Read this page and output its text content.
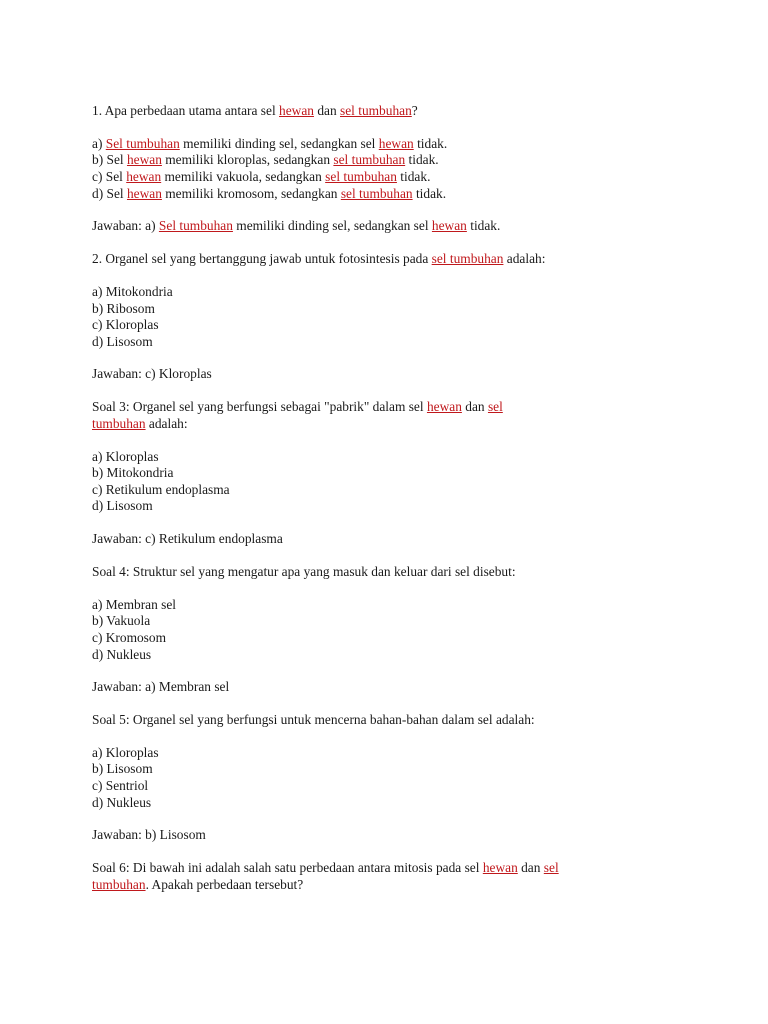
1. Apa perbedaan utama antara sel hewan dan sel tumbuhan?
a) Sel tumbuhan memiliki dinding sel, sedangkan sel hewan tidak.
b) Sel hewan memiliki kloroplas, sedangkan sel tumbuhan tidak.
c) Sel hewan memiliki vakuola, sedangkan sel tumbuhan tidak.
d) Sel hewan memiliki kromosom, sedangkan sel tumbuhan tidak.
Jawaban: a) Sel tumbuhan memiliki dinding sel, sedangkan sel hewan tidak.
2. Organel sel yang bertanggung jawab untuk fotosintesis pada sel tumbuhan adalah:
a) Mitokondria
b) Ribosom
c) Kloroplas
d) Lisosom
Jawaban: c) Kloroplas
Soal 3: Organel sel yang berfungsi sebagai "pabrik" dalam sel hewan dan sel
tumbuhan adalah:
a) Kloroplas
b) Mitokondria
c) Retikulum endoplasma
d) Lisosom
Jawaban: c) Retikulum endoplasma
Soal 4: Struktur sel yang mengatur apa yang masuk dan keluar dari sel disebut:
a) Membran sel
b) Vakuola
c) Kromosom
d) Nukleus
Jawaban: a) Membran sel
Soal 5: Organel sel yang berfungsi untuk mencerna bahan-bahan dalam sel adalah:
a) Kloroplas
b) Lisosom
c) Sentriol
d) Nukleus
Jawaban: b) Lisosom
Soal 6: Di bawah ini adalah salah satu perbedaan antara mitosis pada sel hewan dan sel
tumbuhan. Apakah perbedaan tersebut?
